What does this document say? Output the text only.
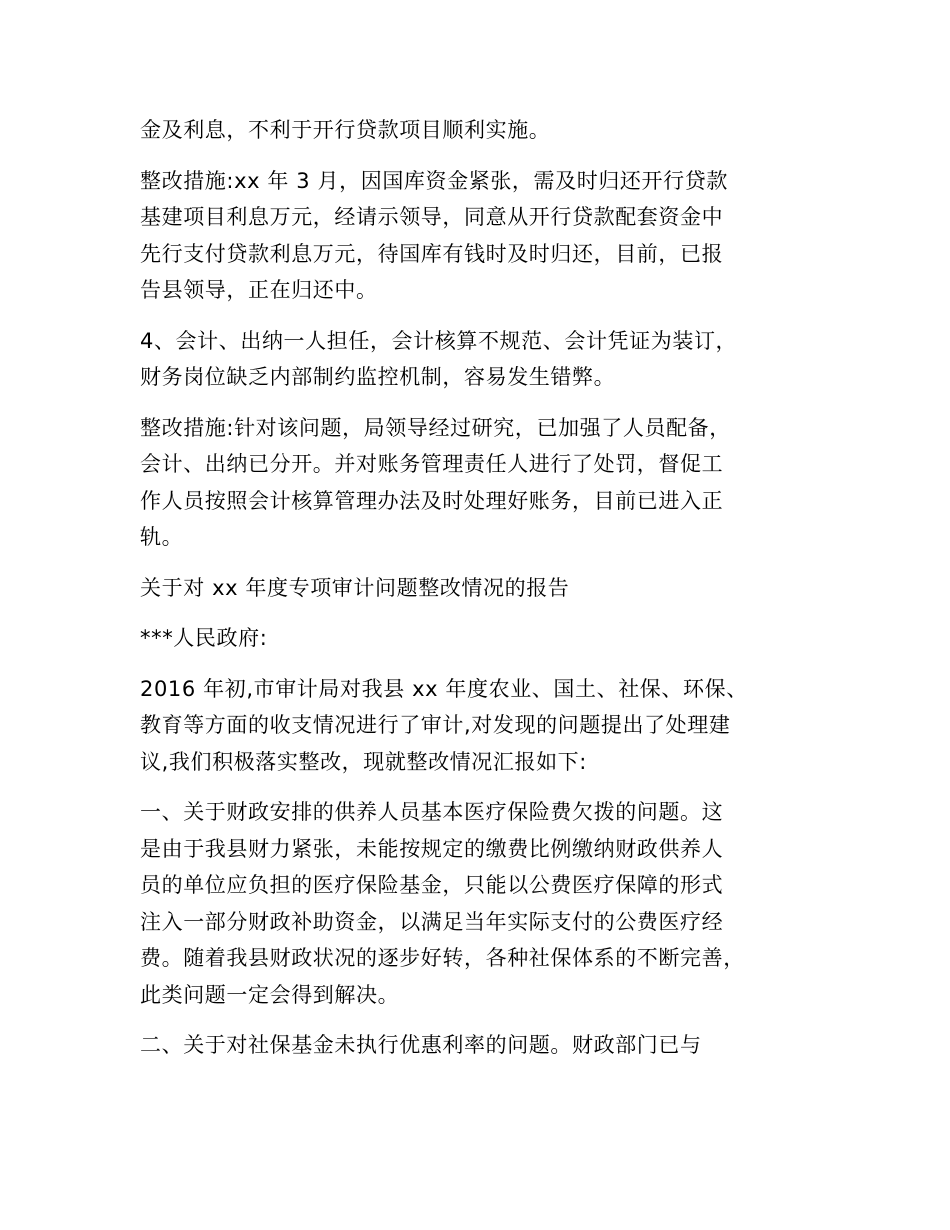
金及利息，不利于开行贷款项目顺利实施。

整改措施:xx 年 3 月，因国库资金紧张，需及时归还开行贷款
基建项目利息万元，经请示领导，同意从开行贷款配套资金中
先行支付贷款利息万元，待国库有钱时及时归还，目前，已报
告县领导，正在归还中。

4、会计、出纳一人担任，会计核算不规范、会计凭证为装订，
财务岗位缺乏内部制约监控机制，容易发生错弊。

整改措施:针对该问题，局领导经过研究，已加强了人员配备，
会计、出纳已分开。并对账务管理责任人进行了处罚，督促工
作人员按照会计核算管理办法及时处理好账务，目前已进入正
轨。

关于对 xx 年度专项审计问题整改情况的报告

***人民政府:

2016 年初,市审计局对我县 xx 年度农业、国土、社保、环保、
教育等方面的收支情况进行了审计,对发现的问题提出了处理建
议,我们积极落实整改，现就整改情况汇报如下:

一、关于财政安排的供养人员基本医疗保险费欠拨的问题。这
是由于我县财力紧张，未能按规定的缴费比例缴纳财政供养人
员的单位应负担的医疗保险基金，只能以公费医疗保障的形式
注入一部分财政补助资金，以满足当年实际支付的公费医疗经
费。随着我县财政状况的逐步好转，各种社保体系的不断完善，
此类问题一定会得到解决。

二、关于对社保基金未执行优惠利率的问题。财政部门已与
